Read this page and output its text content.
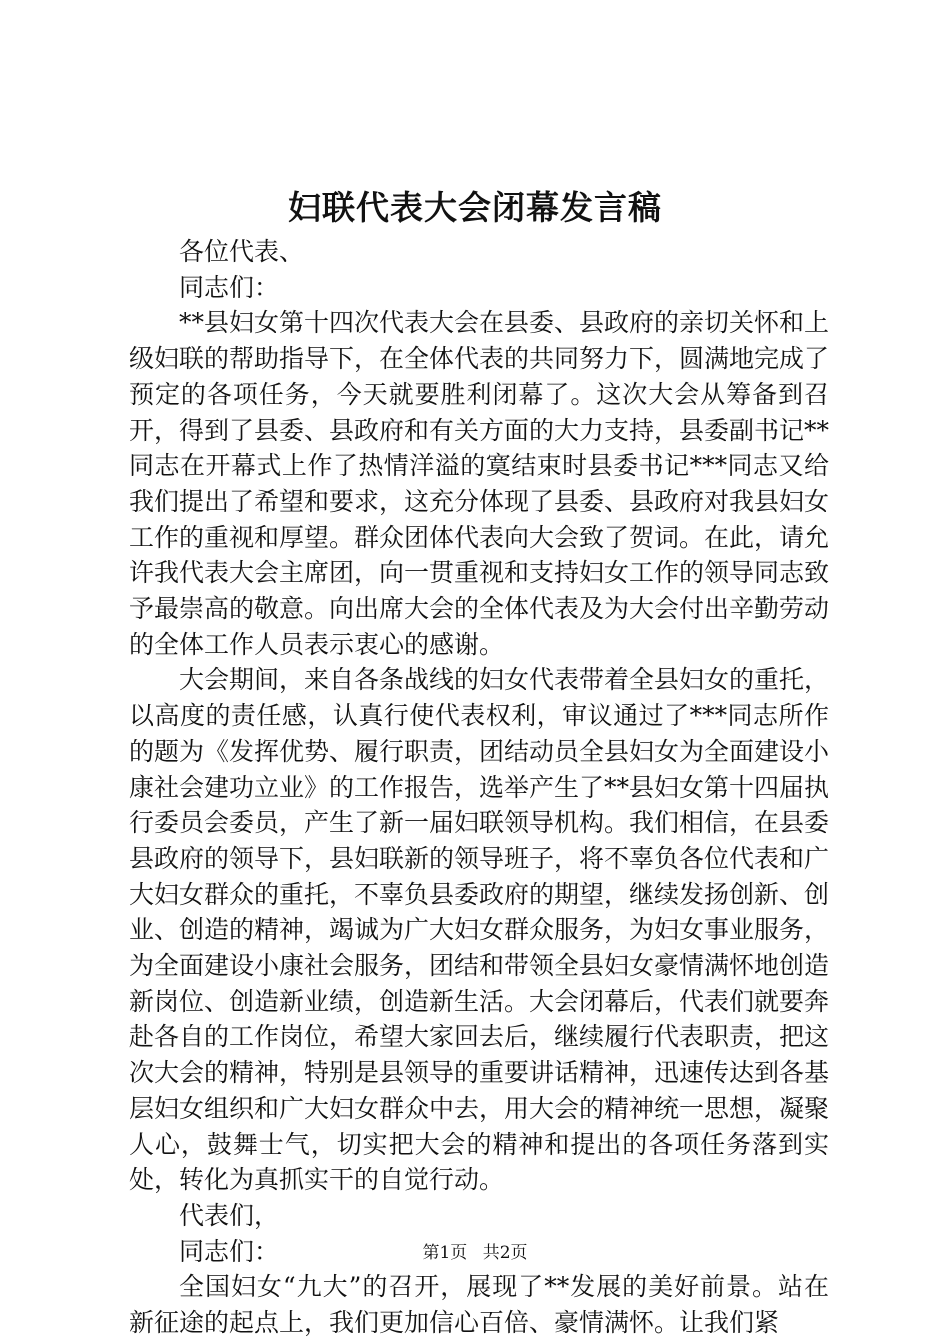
妇联代表大会闭幕发言稿

各位代表、

同志们：

**县妇女第十四次代表大会在县委、县政府的亲切关怀和上级妇联的帮助指导下，在全体代表的共同努力下，圆满地完成了预定的各项任务，今天就要胜利闭幕了。这次大会从筹备到召开，得到了县委、县政府和有关方面的大力支持，县委副书记**同志在开幕式上作了热情洋溢的寞结束时县委书记***同志又给我们提出了希望和要求，这充分体现了县委、县政府对我县妇女工作的重视和厚望。群众团体代表向大会致了贺词。在此，请允许我代表大会主席团，向一贯重视和支持妇女工作的领导同志致予最崇高的敬意。向出席大会的全体代表及为大会付出辛勤劳动的全体工作人员表示衷心的感谢。

大会期间，来自各条战线的妇女代表带着全县妇女的重托，以高度的责任感，认真行使代表权利，审议通过了***同志所作的题为《发挥优势、履行职责，团结动员全县妇女为全面建设小康社会建功立业》的工作报告，选举产生了**县妇女第十四届执行委员会委员，产生了新一届妇联领导机构。我们相信，在县委县政府的领导下，县妇联新的领导班子，将不辜负各位代表和广大妇女群众的重托，不辜负县委政府的期望，继续发扬创新、创业、创造的精神，竭诚为广大妇女群众服务，为妇女事业服务，为全面建设小康社会服务，团结和带领全县妇女豪情满怀地创造新岗位、创造新业绩，创造新生活。大会闭幕后，代表们就要奔赴各自的工作岗位，希望大家回去后，继续履行代表职责，把这次大会的精神，特别是县领导的重要讲话精神，迅速传达到各基层妇女组织和广大妇女群众中去，用大会的精神统一思想，凝聚人心，鼓舞士气，切实把大会的精神和提出的各项任务落到实处，转化为真抓实干的自觉行动。

代表们，

同志们：

全国妇女“九大”的召开，展现了**发展的美好前景。站在新征途的起点上，我们更加信心百倍、豪情满怀。让我们紧

第1页 共2页
